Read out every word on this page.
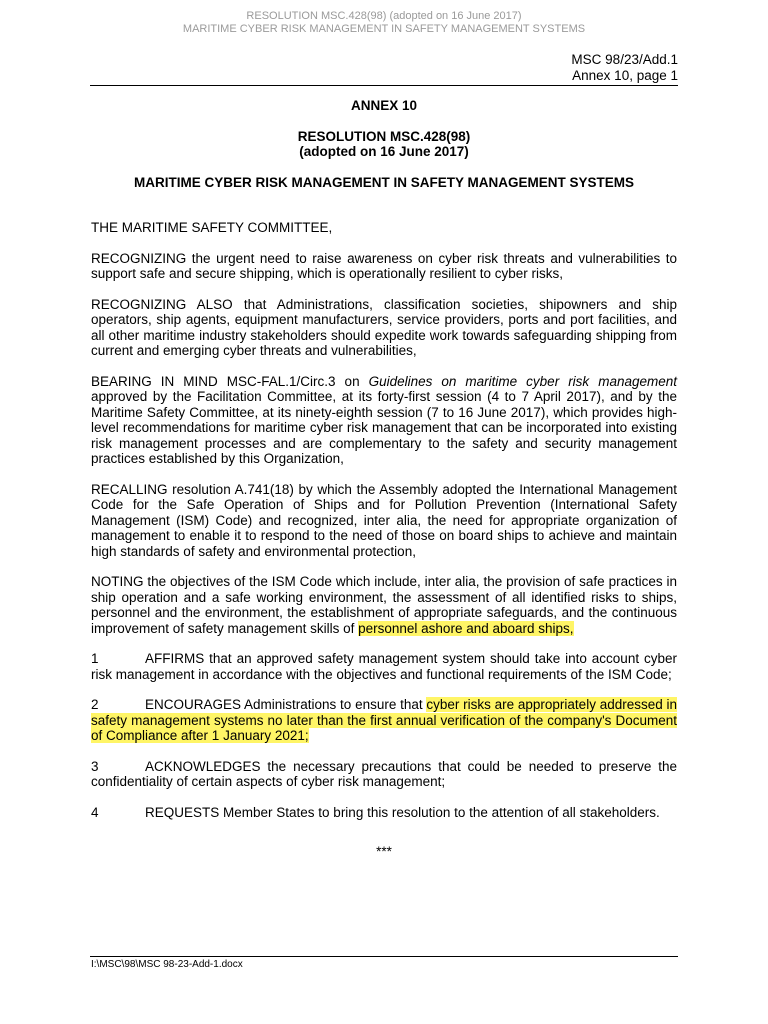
RESOLUTION MSC.428(98) (adopted on 16 June 2017)
MARITIME CYBER RISK MANAGEMENT IN SAFETY MANAGEMENT SYSTEMS
MSC 98/23/Add.1
Annex 10, page 1
ANNEX 10
RESOLUTION MSC.428(98)
(adopted on 16 June 2017)
MARITIME CYBER RISK MANAGEMENT IN SAFETY MANAGEMENT SYSTEMS

THE MARITIME SAFETY COMMITTEE,

RECOGNIZING the urgent need to raise awareness on cyber risk threats and vulnerabilities to support safe and secure shipping, which is operationally resilient to cyber risks,

RECOGNIZING ALSO that Administrations, classification societies, shipowners and ship operators, ship agents, equipment manufacturers, service providers, ports and port facilities, and all other maritime industry stakeholders should expedite work towards safeguarding shipping from current and emerging cyber threats and vulnerabilities,

BEARING IN MIND MSC-FAL.1/Circ.3 on Guidelines on maritime cyber risk management approved by the Facilitation Committee, at its forty-first session (4 to 7 April 2017), and by the Maritime Safety Committee, at its ninety-eighth session (7 to 16 June 2017), which provides high-level recommendations for maritime cyber risk management that can be incorporated into existing risk management processes and are complementary to the safety and security management practices established by this Organization,

RECALLING resolution A.741(18) by which the Assembly adopted the International Management Code for the Safe Operation of Ships and for Pollution Prevention (International Safety Management (ISM) Code) and recognized, inter alia, the need for appropriate organization of management to enable it to respond to the need of those on board ships to achieve and maintain high standards of safety and environmental protection,

NOTING the objectives of the ISM Code which include, inter alia, the provision of safe practices in ship operation and a safe working environment, the assessment of all identified risks to ships, personnel and the environment, the establishment of appropriate safeguards, and the continuous improvement of safety management skills of personnel ashore and aboard ships,

1	AFFIRMS that an approved safety management system should take into account cyber risk management in accordance with the objectives and functional requirements of the ISM Code;

2	ENCOURAGES Administrations to ensure that cyber risks are appropriately addressed in safety management systems no later than the first annual verification of the company's Document of Compliance after 1 January 2021;

3	ACKNOWLEDGES the necessary precautions that could be needed to preserve the confidentiality of certain aspects of cyber risk management;

4	REQUESTS Member States to bring this resolution to the attention of all stakeholders.

***
I:\MSC\98\MSC 98-23-Add-1.docx
